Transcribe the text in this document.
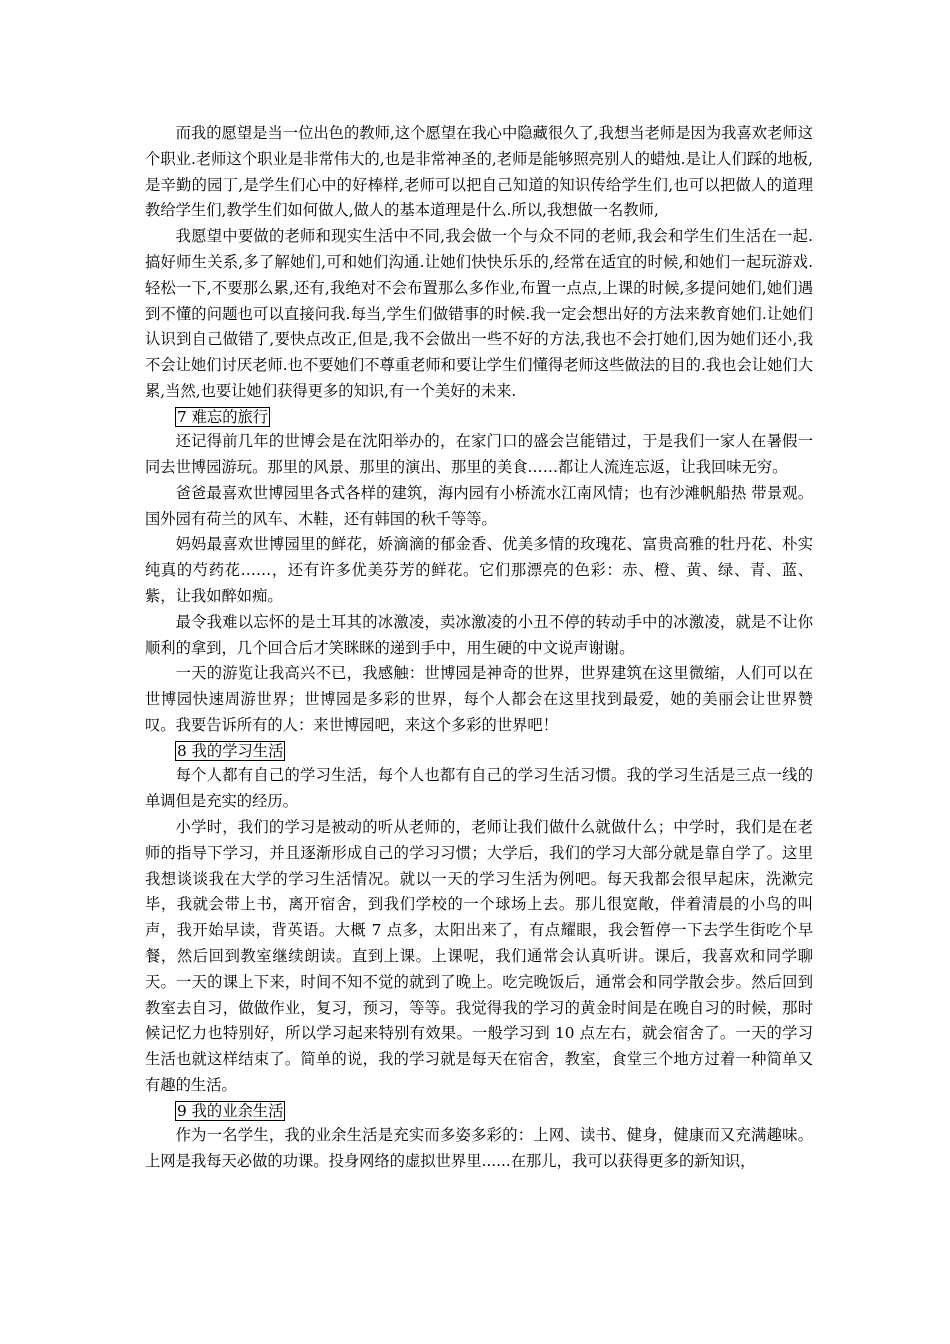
而我的愿望是当一位出色的教师,这个愿望在我心中隐藏很久了,我想当老师是因为我喜欢老师这个职业.老师这个职业是非常伟大的,也是非常神圣的,老师是能够照亮别人的蜡烛.是让人们踩的地板,是辛勤的园丁,是学生们心中的好棒样,老师可以把自己知道的知识传给学生们,也可以把做人的道理教给学生们,教学生们如何做人,做人的基本道理是什么.所以,我想做一名教师,

我愿望中要做的老师和现实生活中不同,我会做一个与众不同的老师,我会和学生们生活在一起.搞好师生关系,多了解她们,可和她们沟通.让她们快快乐乐的,经常在适宜的时候,和她们一起玩游戏.轻松一下,不要那么累,还有,我绝对不会布置那么多作业,布置一点点,上课的时候,多提问她们,她们遇到不懂的问题也可以直接问我.每当,学生们做错事的时候.我一定会想出好的方法来教育她们.让她们认识到自己做错了,要快点改正,但是,我不会做出一些不好的方法,我也不会打她们,因为她们还小,我不会让她们讨厌老师.也不要她们不尊重老师和要让学生们懂得老师这些做法的目的.我也会让她们大累,当然,也要让她们获得更多的知识,有一个美好的未来.

7 难忘的旅行

还记得前几年的世博会是在沈阳举办的，在家门口的盛会岂能错过，于是我们一家人在暑假一同去世博园游玩。那里的风景、那里的演出、那里的美食……都让人流连忘返，让我回味无穷。

爸爸最喜欢世博园里各式各样的建筑，海内园有小桥流水江南风情；也有沙滩帆船热 带景观。国外园有荷兰的风车、木鞋，还有韩国的秋千等等。

妈妈最喜欢世博园里的鲜花，娇滴滴的郁金香、优美多情的玫瑰花、富贵高雅的牡丹花、朴实纯真的芍药花……，还有许多优美芬芳的鲜花。它们那漂亮的色彩：赤、橙、黄、绿、青、蓝、紫，让我如醉如痴。

最令我难以忘怀的是土耳其的冰激凌，卖冰激凌的小丑不停的转动手中的冰激凌，就是不让你顺利的拿到，几个回合后才笑眯眯的递到手中，用生硬的中文说声谢谢。

一天的游览让我高兴不已，我感触：世博园是神奇的世界，世界建筑在这里微缩，人们可以在世博园快速周游世界；世博园是多彩的世界，每个人都会在这里找到最爱，她的美丽会让世界赞叹。我要告诉所有的人：来世博园吧，来这个多彩的世界吧！

8 我的学习生活

每个人都有自己的学习生活，每个人也都有自己的学习生活习惯。我的学习生活是三点一线的单调但是充实的经历。

小学时，我们的学习是被动的听从老师的，老师让我们做什么就做什么；中学时，我们是在老师的指导下学习，并且逐渐形成自己的学习习惯；大学后，我们的学习大部分就是靠自学了。这里我想谈谈我在大学的学习生活情况。就以一天的学习生活为例吧。每天我都会很早起床，洗漱完毕，我就会带上书，离开宿舍，到我们学校的一个球场上去。那儿很宽敞，伴着清晨的小鸟的叫声，我开始早读，背英语。大概 7 点多，太阳出来了，有点耀眼，我会暂停一下去学生街吃个早餐，然后回到教室继续朗读。直到上课。上课呢，我们通常会认真听讲。课后，我喜欢和同学聊天。一天的课上下来，时间不知不觉的就到了晚上。吃完晚饭后，通常会和同学散会步。然后回到教室去自习，做做作业，复习，预习，等等。我觉得我的学习的黄金时间是在晚自习的时候，那时候记忆力也特别好，所以学习起来特别有效果。一般学习到 10 点左右，就会宿舍了。一天的学习生活也就这样结束了。简单的说，我的学习就是每天在宿舍，教室，食堂三个地方过着一种简单又有趣的生活。

9 我的业余生活

作为一名学生，我的业余生活是充实而多姿多彩的：上网、读书、健身，健康而又充满趣味。上网是我每天必做的功课。投身网络的虚拟世界里......在那儿，我可以获得更多的新知识，
